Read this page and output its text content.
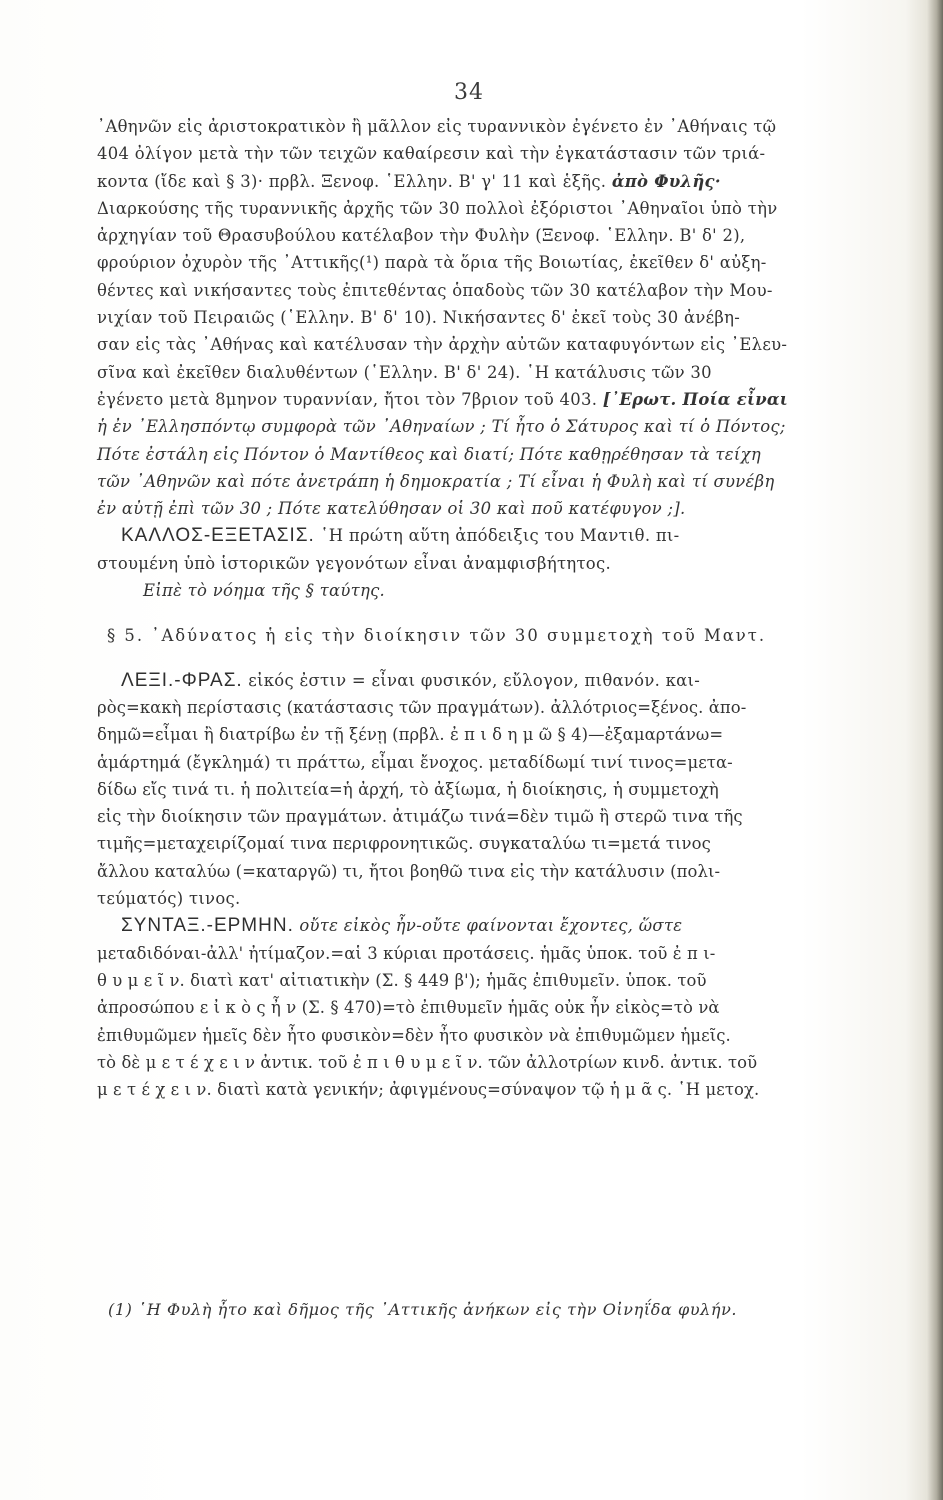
34
᾿Αθηνῶν εἰς ἀριστοκρατικὸν ἢ μᾶλλον εἰς τυραννικὸν ἐγένετο ἐν ᾿Αθήναις τῷ
404 ὀλίγον μετὰ τὴν τῶν τειχῶν καθαίρεσιν καὶ τὴν ἐγκατάστασιν τῶν τριά-
κοντα (ἴδε καὶ § 3)· πρβλ. Ξενοφ. ῾Ελλην. Β' γ' 11 καὶ ἑξῆς. ἀπὸ Φυλῆς·
Διαρκούσης τῆς τυραννικῆς ἀρχῆς τῶν 30 πολλοὶ ἐξόριστοι ᾿Αθηναῖοι ὑπὸ τὴν
ἀρχηγίαν τοῦ Θρασυβούλου κατέλαβον τὴν Φυλὴν (Ξενοφ. ῾Ελλην. Β' δ' 2),
φρούριον ὀχυρὸν τῆς ᾿Αττικῆς(¹) παρὰ τὰ ὅρια τῆς Βοιωτίας, ἐκεῖθεν δ' αὐξη-
θέντες καὶ νικήσαντες τοὺς ἐπιτεθέντας ὁπαδοὺς τῶν 30 κατέλαβον τὴν Μου-
νιχίαν τοῦ Πειραιῶς (῾Ελλην. Β' δ' 10). Νικήσαντες δ' ἐκεῖ τοὺς 30 ἀνέβη-
σαν εἰς τὰς ᾿Αθήνας καὶ κατέλυσαν τὴν ἀρχὴν αὐτῶν καταφυγόντων εἰς ᾿Ελευ-
σῖνα καὶ ἐκεῖθεν διαλυθέντων (῾Ελλην. Β' δ' 24). ῾Η κατάλυσις τῶν 30
ἐγένετο μετὰ 8μηνον τυραννίαν, ἤτοι τὸν 7βριον τοῦ 403. [᾿Ερωτ. Ποία εἶναι
ἡ ἐν ᾿Ελλησπόντῳ συμφορὰ τῶν ᾿Αθηναίων ; Τί ἦτο ὁ Σάτυρος καὶ τί ὁ Πόντος;
Πότε ἐστάλη εἰς Πόντον ὁ Μαντίθεος καὶ διατί; Πότε καθῃρέθησαν τὰ τείχη
τῶν ᾿Αθηνῶν καὶ πότε ἀνετράπη ἡ δημοκρατία ; Τί εἶναι ἡ Φυλὴ καὶ τί συνέβη
ἐν αὐτῇ ἐπὶ τῶν 30 ; Πότε κατελύθησαν οἱ 30 καὶ ποῦ κατέφυγον ;].
ΚΑΛΛΟΣ-ΕΞΕΤΑΣΙΣ. ῾Η πρώτη αὕτη ἀπόδειξις του Μαντιθ. πι-
στουμένη ὑπὸ ἱστορικῶν γεγονότων εἶναι ἀναμφισβήτητος.
Εἰπὲ τὸ νόημα τῆς § ταύτης.
§ 5. ᾿Αδύνατος ἡ εἰς τὴν διοίκησιν τῶν 30 συμμετοχὴ τοῦ Μαντ.
ΛΕΞΙ.-ΦΡΑΣ. εἰκός ἐστιν = εἶναι φυσικόν, εὔλογον, πιθανόν. και-
ρὸς=κακὴ περίστασις (κατάστασις τῶν πραγμάτων). ἀλλότριος=ξένος. ἀπο-
δημῶ=εἶμαι ἢ διατρίβω ἐν τῇ ξένῃ (πρβλ. ἐ π ι δ η μ ῶ § 4)—ἐξαμαρτάνω=
ἁμάρτημά (ἔγκλημά) τι πράττω, εἶμαι ἔνοχος. μεταδίδωμί τινί τινος=μετα-
δίδω εἴς τινά τι. ἡ πολιτεία=ἡ ἀρχή, τὸ ἀξίωμα, ἡ διοίκησις, ἡ συμμετοχὴ
εἰς τὴν διοίκησιν τῶν πραγμάτων. ἀτιμάζω τινά=δὲν τιμῶ ἢ στερῶ τινα τῆς
τιμῆς=μεταχειρίζομαί τινα περιφρονητικῶς. συγκαταλύω τι=μετά τινος
ἄλλου καταλύω (=καταργῶ) τι, ἤτοι βοηθῶ τινα εἰς τὴν κατάλυσιν (πολι-
τεύματός) τινος.
ΣΥΝΤΑΞ.-ΕΡΜΗΝ. οὔτε εἰκὸς ἦν-οὔτε φαίνονται ἔχοντες, ὥστε
μεταδιδόναι-ἀλλ' ἠτίμαζον.=αἱ 3 κύριαι προτάσεις. ἡμᾶς ὑποκ. τοῦ ἐ π ι-
θ υ μ ε ῖ ν. διατὶ κατ' αἰτιατικὴν (Σ. § 449 β'); ἡμᾶς ἐπιθυμεῖν. ὑποκ. τοῦ
ἀπροσώπου ε ἰ κ ὸ ς ἦ ν (Σ. § 470)=τὸ ἐπιθυμεῖν ἡμᾶς οὐκ ἦν εἰκὸς=τὸ νὰ
ἐπιθυμῶμεν ἡμεῖς δὲν ἦτο φυσικὸν=δὲν ἦτο φυσικὸν νὰ ἐπιθυμῶμεν ἡμεῖς.
τὸ δὲ μ ε τ έ χ ε ι ν ἀντικ. τοῦ ἐ π ι θ υ μ ε ῖ ν. τῶν ἀλλοτρίων κινδ. ἀντικ. τοῦ
μ ε τ έ χ ε ι ν. διατὶ κατὰ γενικήν; ἀφιγμένους=σύναψον τῷ ἡ μ ᾶ ς. ῾Η μετοχ.
(1) ῾Η Φυλὴ ἦτο καὶ δῆμος τῆς ᾿Αττικῆς ἀνήκων εἰς τὴν Οἰνηΐδα φυλήν.
